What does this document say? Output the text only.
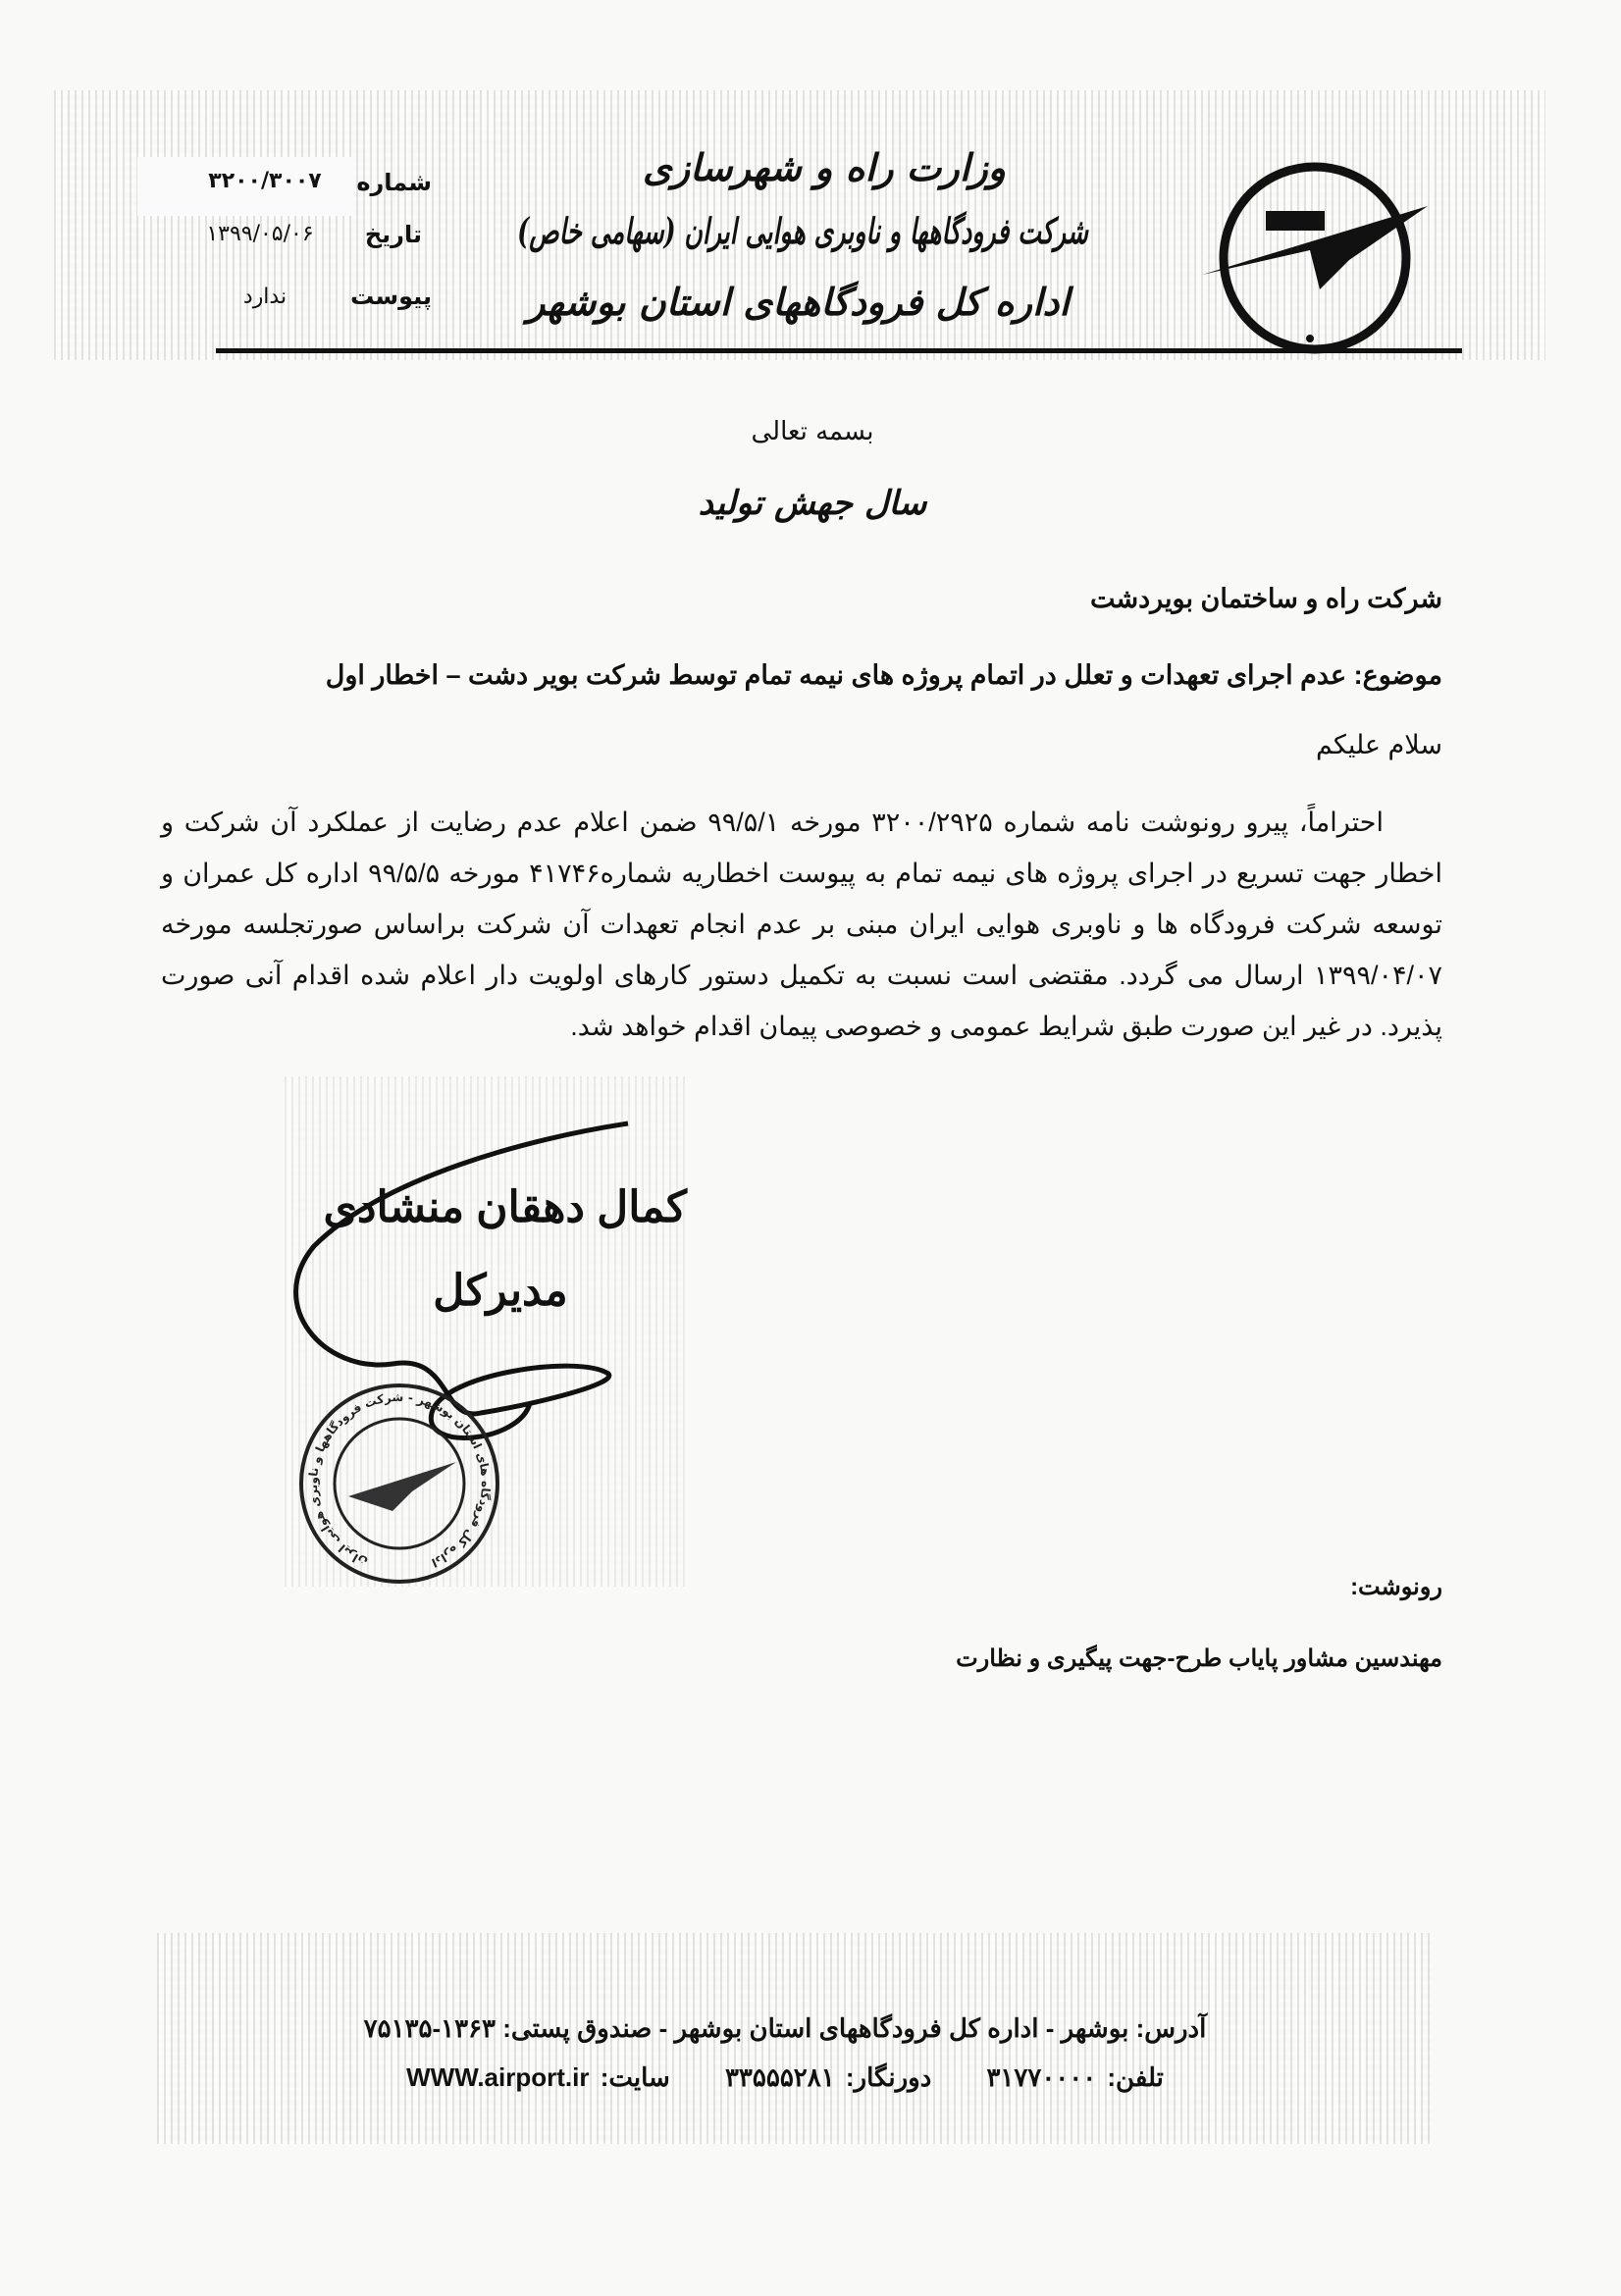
وزارت راه و شهرسازی
شرکت فرودگاهها و ناوبری هوایی ایران (سهامی خاص)
اداره کل فرودگاههای استان بوشهر
شماره
۳۲۰۰/۳۰۰۷
تاریخ
۱۳۹۹/۰۵/۰۶
پیوست
ندارد
بسمه تعالی
سال جهش تولید
شرکت راه و ساختمان بویردشت
موضوع: عدم اجرای تعهدات و تعلل در اتمام پروژه های نیمه تمام توسط شرکت بویر دشت – اخطار اول
سلام علیکم
احتراماً، پیرو رونوشت نامه شماره ۳۲۰۰/۲۹۲۵ مورخه ۹۹/۵/۱ ضمن اعلام عدم رضایت از عملکرد آن شرکت و اخطار جهت تسریع در اجرای پروژه های نیمه تمام به پیوست اخطاریه شماره۴۱۷۴۶ مورخه ۹۹/۵/۵ اداره کل عمران و توسعه شرکت فرودگاه ها و ناوبری هوایی ایران مبنی بر عدم انجام تعهدات آن شرکت براساس صورتجلسه مورخه ۱۳۹۹/۰۴/۰۷ ارسال می گردد. مقتضی است نسبت به تکمیل دستور کارهای اولویت دار اعلام شده اقدام آنی صورت پذیرد. در غیر این صورت طبق شرایط عمومی و خصوصی پیمان اقدام خواهد شد.
کمال دهقان منشادی
مدیرکل
اداره کل فرودگاه های استان بوشهر - شرکت فرودگاهها و ناوبری هوایی ایران
رونوشت:
مهندسین مشاور پایاب طرح-جهت پیگیری و نظارت
آدرس: بوشهر - اداره کل فرودگاههای استان بوشهر - صندوق پستی: ۱۳۶۳-۷۵۱۳۵
تلفن: ۳۱۷۷۰۰۰۰     دورنگار: ۳۳۵۵۵۲۸۱     سایت: WWW.airport.ir
